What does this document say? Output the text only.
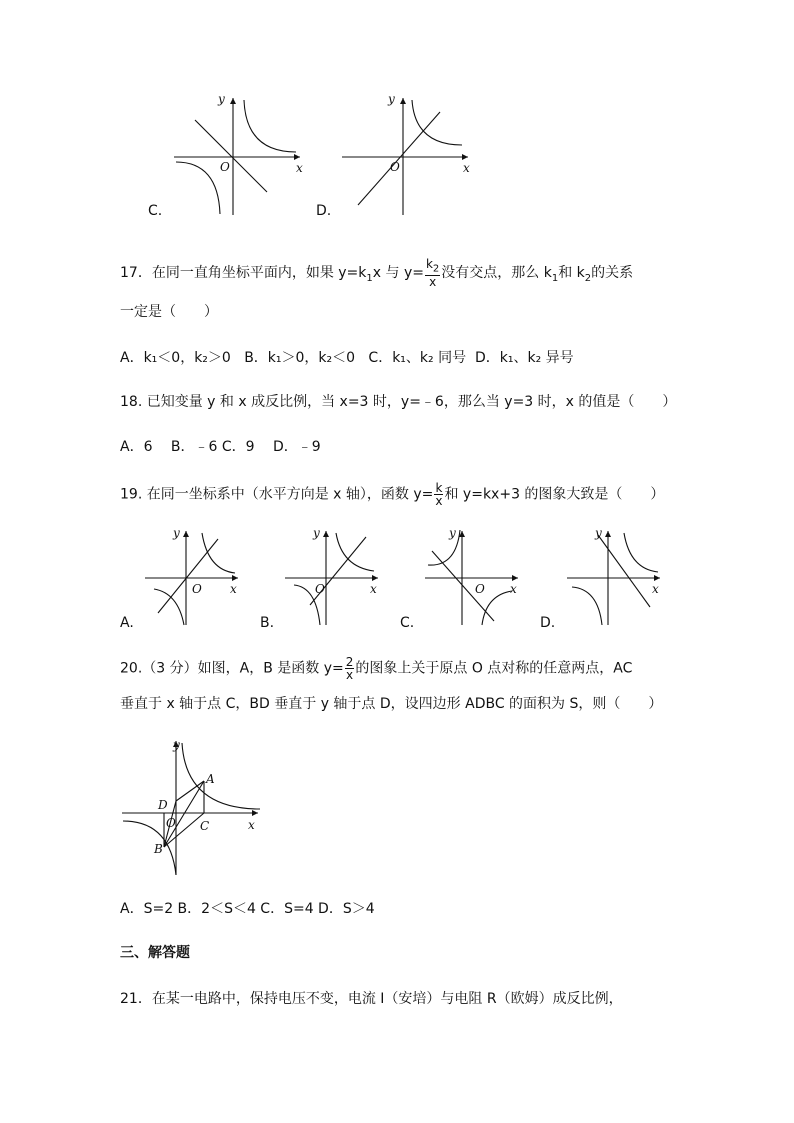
x
y
O
C.
x
y
O
D.
17．在同一直角坐标平面内，如果 $y=k_1x$ 与 $y= \frac{k_2}{x}$ 没有交点，那么 $k_1$和 $k_2$的关系
一定是（　　）
A．k₁＜0，k₂＞0 B．k₁＞0，k₂＜0 C．k₁、k₂ 同号 D．k₁、k₂ 异号
18. 已知变量 y 和 x 成反比例，当 x=3 时，y=﹣6，那么当 y=3 时，x 的值是（　　）
A．6　 B．﹣6 C．9　 D．﹣9
19. 在同一坐标系中（水平方向是 x 轴），函数 $y= \frac{k}{x}$ 和 y=kx+3 的图象大致是（　　）
x
y
O
A.
x
y
O
B.
x
y
O
C.
x
y
D.
20.（3 分）如图，A，B 是函数 $y= \frac{2}{x}$ 的图象上关于原点 O 点对称的任意两点，AC
垂直于 x 轴于点 C，BD 垂直于 y 轴于点 D，设四边形 ADBC 的面积为 S，则（　　）
x
y
A
B
C
D
O
A．S=2 B．2＜S＜4 C．S=4 D．S＞4
三、解答题
21．在某一电路中，保持电压不变，电流 I（安培）与电阻 R（欧姆）成反比例，
